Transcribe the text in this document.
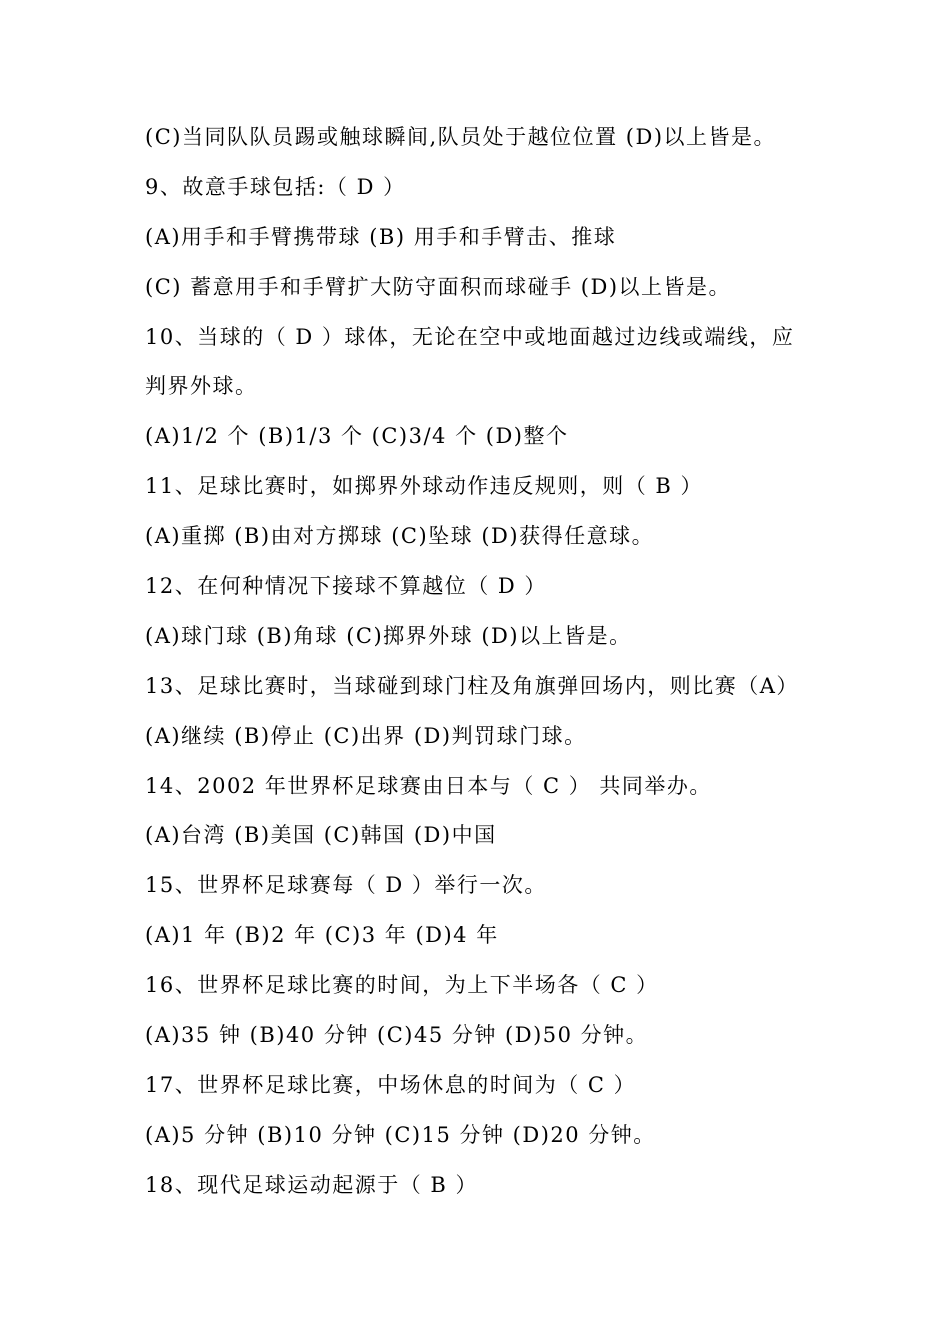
(C)当同队队员踢或触球瞬间,队员处于越位位置 (D)以上皆是。
9、故意手球包括:（ D ）
(A)用手和手臂携带球 (B) 用手和手臂击、推球
(C) 蓄意用手和手臂扩大防守面积而球碰手 (D)以上皆是。
10、当球的（ D ）球体，无论在空中或地面越过边线或端线，应
判界外球。
(A)1/2 个 (B)1/3 个 (C)3/4 个 (D)整个
11、足球比赛时，如掷界外球动作违反规则，则（ B ）
(A)重掷 (B)由对方掷球 (C)坠球 (D)获得任意球。
12、在何种情况下接球不算越位（ D ）
(A)球门球 (B)角球 (C)掷界外球 (D)以上皆是。
13、足球比赛时，当球碰到球门柱及角旗弹回场内，则比赛（A）
(A)继续 (B)停止 (C)出界 (D)判罚球门球。
14、2002 年世界杯足球赛由日本与（ C ） 共同举办。
(A)台湾 (B)美国 (C)韩国 (D)中国
15、世界杯足球赛每（ D ）举行一次。
(A)1 年 (B)2 年 (C)3 年 (D)4 年
16、世界杯足球比赛的时间，为上下半场各（ C ）
(A)35 钟 (B)40 分钟 (C)45 分钟 (D)50 分钟。
17、世界杯足球比赛，中场休息的时间为（ C ）
(A)5 分钟 (B)10 分钟 (C)15 分钟 (D)20 分钟。
18、现代足球运动起源于（ B ）
